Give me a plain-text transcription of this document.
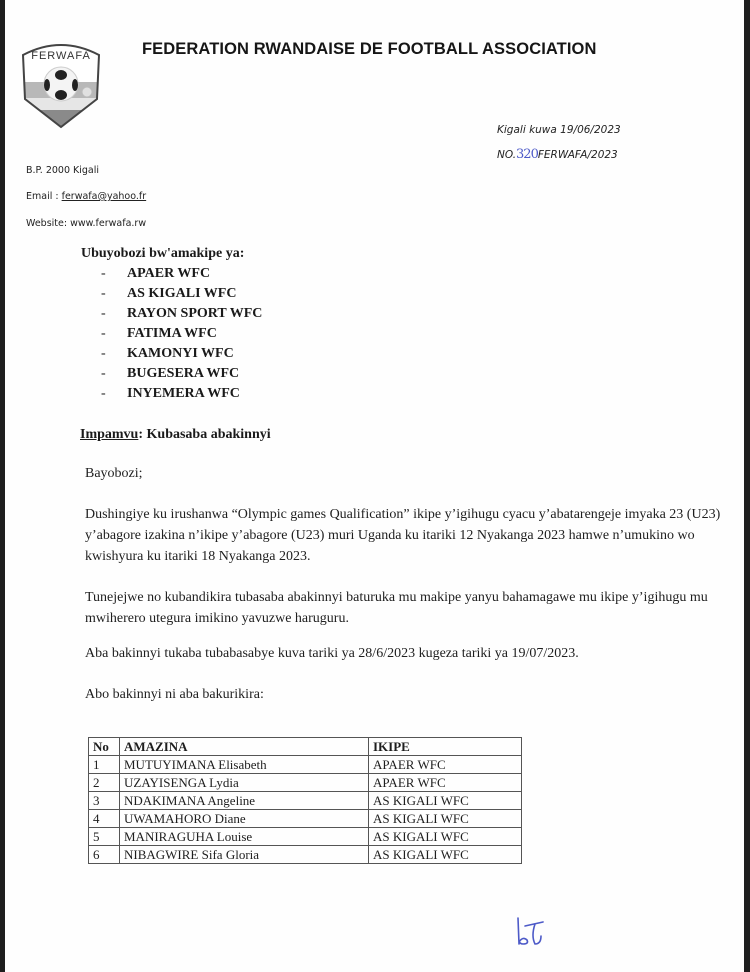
FERWAFA	FEDERATION RWANDAISE DE FOOTBALL ASSOCIATION
Kigali kuwa 19/06/2023
NO.320FERWAFA/2023
B.P. 2000 Kigali
Email : ferwafa@yahoo.fr
Website: www.ferwafa.rw
Ubuyobozi bw'amakipe ya:
- APAER WFC
- AS KIGALI WFC
- RAYON SPORT WFC
- FATIMA WFC
- KAMONYI WFC
- BUGESERA WFC
- INYEMERA WFC
Impamvu: Kubasaba abakinnyi
Bayobozi;
Dushingiye ku irushanwa “Olympic games Qualification” ikipe y’igihugu cyacu y’abatarengeje imyaka 23 (U23) y’abagore izakina n’ikipe y’abagore (U23) muri Uganda ku itariki 12 Nyakanga 2023 hamwe n’umukino wo kwishyura ku itariki 18 Nyakanga 2023.
Tunejejwe no kubandikira tubasaba abakinnyi baturuka mu makipe yanyu bahamagawe mu ikipe y’igihugu mu mwiherero utegura imikino yavuzwe haruguru.
Aba bakinnyi tukaba tubabasabye kuva tariki ya 28/6/2023 kugeza tariki ya 19/07/2023.
Abo bakinnyi ni aba bakurikira:
No	AMAZINA	IKIPE
1	MUTUYIMANA Elisabeth	APAER WFC
2	UZAYISENGA Lydia	APAER WFC
3	NDAKIMANA Angeline	AS KIGALI WFC
4	UWAMAHORO Diane	AS KIGALI WFC
5	MANIRAGUHA Louise	AS KIGALI WFC
6	NIBAGWIRE Sifa Gloria	AS KIGALI WFC
